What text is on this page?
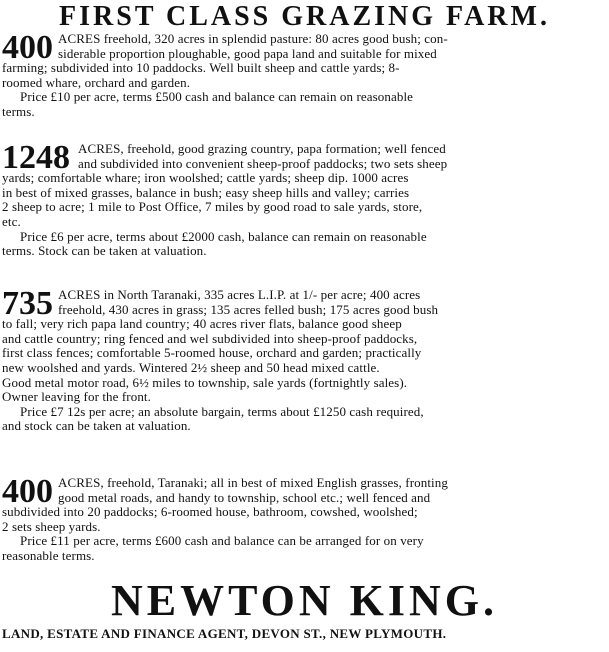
FIRST CLASS GRAZING FARM.
400 ACRES freehold, 320 acres in splendid pasture: 80 acres good bush; con-
siderable proportion ploughable, good papa land and suitable for mixed
farming; subdivided into 10 paddocks. Well built sheep and cattle yards; 8-
roomed whare, orchard and garden.
Price £10 per acre, terms £500 cash and balance can remain on reasonable
terms.
1248 ACRES, freehold, good grazing country, papa formation; well fenced
and subdivided into convenient sheep-proof paddocks; two sets sheep
yards; comfortable whare; iron woolshed; cattle yards; sheep dip. 1000 acres
in best of mixed grasses, balance in bush; easy sheep hills and valley; carries
2 sheep to acre; 1 mile to Post Office, 7 miles by good road to sale yards, store,
etc.
Price £6 per acre, terms about £2000 cash, balance can remain on reasonable
terms. Stock can be taken at valuation.
735 ACRES in North Taranaki, 335 acres L.I.P. at 1/- per acre; 400 acres
freehold, 430 acres in grass; 135 acres felled bush; 175 acres good bush
to fall; very rich papa land country; 40 acres river flats, balance good sheep
and cattle country; ring fenced and wel subdivided into sheep-proof paddocks,
first class fences; comfortable 5-roomed house, orchard and garden; practically
new woolshed and yards. Wintered 2½ sheep and 50 head mixed cattle.
Good metal motor road, 6½ miles to township, sale yards (fortnightly sales).
Owner leaving for the front.
Price £7 12s per acre; an absolute bargain, terms about £1250 cash required,
and stock can be taken at valuation.
400 ACRES, freehold, Taranaki; all in best of mixed English grasses, fronting
good metal roads, and handy to township, school etc.; well fenced and
subdivided into 20 paddocks; 6-roomed house, bathroom, cowshed, woolshed;
2 sets sheep yards.
Price £11 per acre, terms £600 cash and balance can be arranged for on very
reasonable terms.
NEWTON KING.
LAND, ESTATE AND FINANCE AGENT, DEVON ST., NEW PLYMOUTH.
